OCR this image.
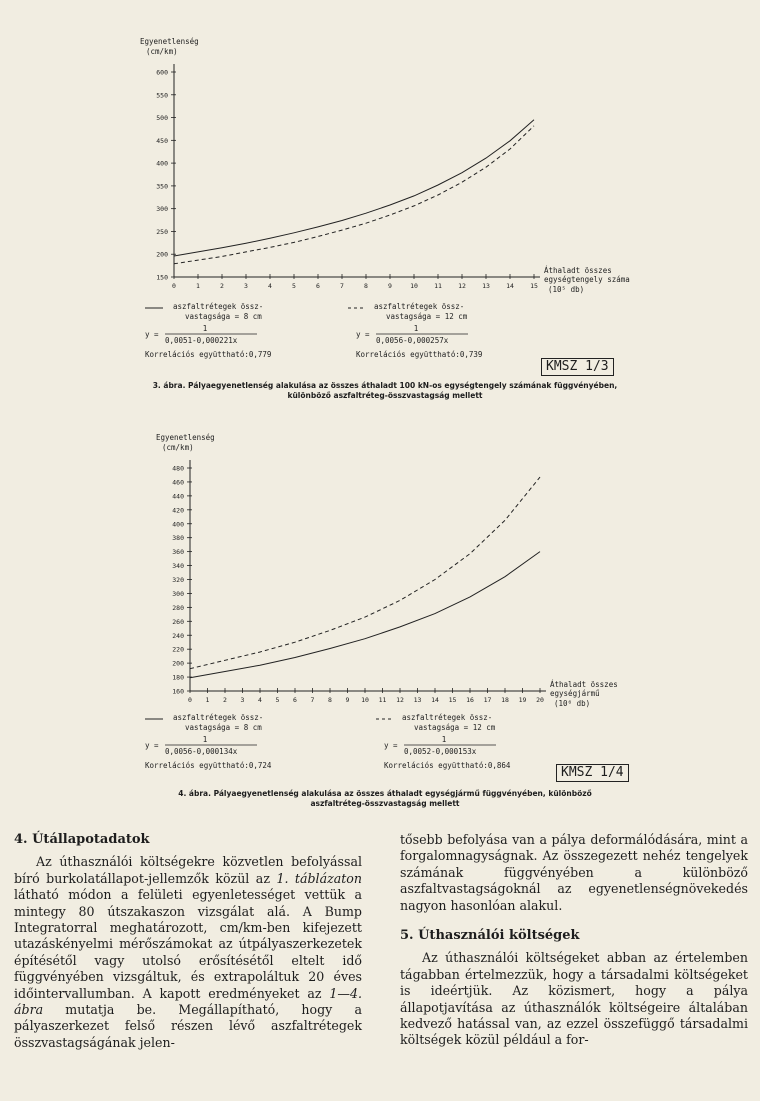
150
200
250
300
350
400
450
500
550
600
0	1	2	3	4	5	6	7	8	9	10 11 12 13 14 15
Egyenetlenség
(cm/km)
Áthaladt összes
egységtengely száma
(10⁵ db)
aszfaltrétegek össz-
vastagsága = 8 cm
aszfaltrétegek össz-
vastagsága = 12 cm
y =
1
0,0051-0,000221x
y =
1
0,0056-0,000257x
Korrelációs együttható:0,779	Korrelációs együttható:0,739
KMSZ 1/3
3. ábra. Pályaegyenetlenség alakulása az összes áthaladt 100 kN-os egységtengely számának függvényében, különböző aszfaltréteg-összvastagság mellett
160
180
200
220
240
260
280
300
320
340
360
380
400
420
440
460
480
0 1 2 3 4 5 6 7 8 9 10 11 12 13 14 15 16 17 18 19 20
Egyenetlenség
(cm/km)
Áthaladt összes
egységjármű
(10⁶ db)
aszfaltrétegek össz-
vastagsága = 8 cm
aszfaltrétegek össz-
vastagsága = 12 cm
y =
1
0,0056-0,000134x
y =
1
0,0052-0,000153x
Korrelációs együttható:0,724	Korrelációs együttható:0,864	KMSZ 1/4
4. ábra. Pályaegyenetlenség alakulása az összes áthaladt egységjármű függvényében, különböző aszfaltréteg-összvastagság mellett
4. Útállapotadatok

Az úthasználói költségekre közvetlen befolyással bíró burkolatállapot-jellemzők közül az 1. táblázaton látható módon a felületi egyenletességet vettük a mintegy 80 útszakaszon vizsgálat alá. A Bump Integratorral meghatározott, cm/km-ben kifejezett utazáskényelmi mérőszámokat az útpályaszerkezetek építésétől vagy utolsó erősítésétől eltelt idő függvényében vizsgáltuk, és extrapoláltuk 20 éves időintervallumban. A kapott eredményeket az 1—4. ábra mutatja be. Megállapítható, hogy a pályaszerkezet felső részen lévő aszfaltrétegek összvastagságának jelen-

tősebb befolyása van a pálya deformálódására, mint a forgalomnagyságnak. Az összegezett nehéz tengelyek számának függvényében a különböző aszfaltvastagságoknál az egyenetlenségnövekedés nagyon hasonlóan alakul.

5. Úthasználói költségek

Az úthasználói költségeket abban az értelemben tágabban értelmezzük, hogy a társadalmi költségeket is ideértjük. Az közismert, hogy a pálya állapotjavítása az úthasználók költségeire általában kedvező hatással van, az ezzel összefüggő társadalmi költségek közül például a for-
